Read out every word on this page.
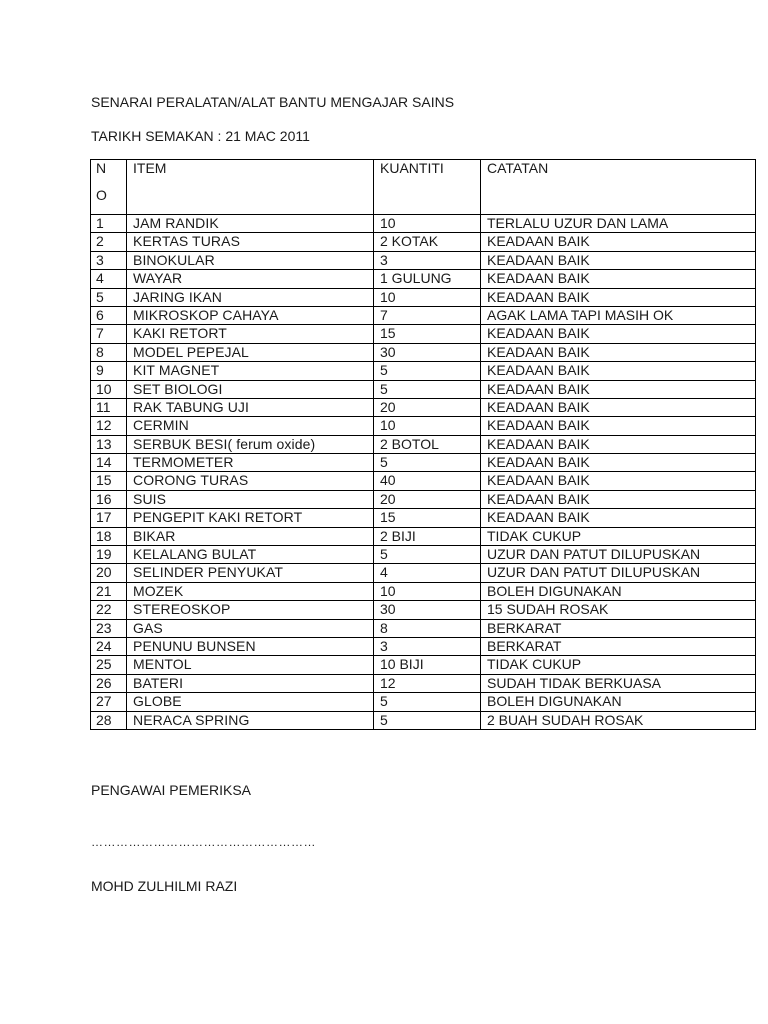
SENARAI PERALATAN/ALAT BANTU MENGAJAR SAINS
TARIKH SEMAKAN : 21 MAC 2011
N
O	ITEM	KUANTITI	CATATAN
1	JAM RANDIK	10	TERLALU UZUR DAN LAMA
2	KERTAS TURAS	2 KOTAK	KEADAAN BAIK
3	BINOKULAR	3	KEADAAN BAIK
4	WAYAR	1 GULUNG	KEADAAN BAIK
5	JARING IKAN	10	KEADAAN BAIK
6	MIKROSKOP CAHAYA	7	AGAK LAMA TAPI MASIH OK
7	KAKI RETORT	15	KEADAAN BAIK
8	MODEL PEPEJAL	30	KEADAAN BAIK
9	KIT MAGNET	5	KEADAAN BAIK
10	SET BIOLOGI	5	KEADAAN BAIK
11	RAK TABUNG UJI	20	KEADAAN BAIK
12	CERMIN	10	KEADAAN BAIK
13	SERBUK BESI( ferum oxide)	2 BOTOL	KEADAAN BAIK
14	TERMOMETER	5	KEADAAN BAIK
15	CORONG TURAS	40	KEADAAN BAIK
16	SUIS	20	KEADAAN BAIK
17	PENGEPIT KAKI RETORT	15	KEADAAN BAIK
18	BIKAR	2 BIJI	TIDAK CUKUP
19	KELALANG BULAT	5	UZUR DAN PATUT DILUPUSKAN
20	SELINDER PENYUKAT	4	UZUR DAN PATUT DILUPUSKAN
21	MOZEK	10	BOLEH DIGUNAKAN
22	STEREOSKOP	30	15 SUDAH ROSAK
23	GAS	8	BERKARAT
24	PENUNU BUNSEN	3	BERKARAT
25	MENTOL	10 BIJI	TIDAK CUKUP
26	BATERI	12	SUDAH TIDAK BERKUASA
27	GLOBE	5	BOLEH DIGUNAKAN
28	NERACA SPRING	5	2 BUAH SUDAH ROSAK
PENGAWAI PEMERIKSA
………………………………………………
MOHD ZULHILMI RAZI
